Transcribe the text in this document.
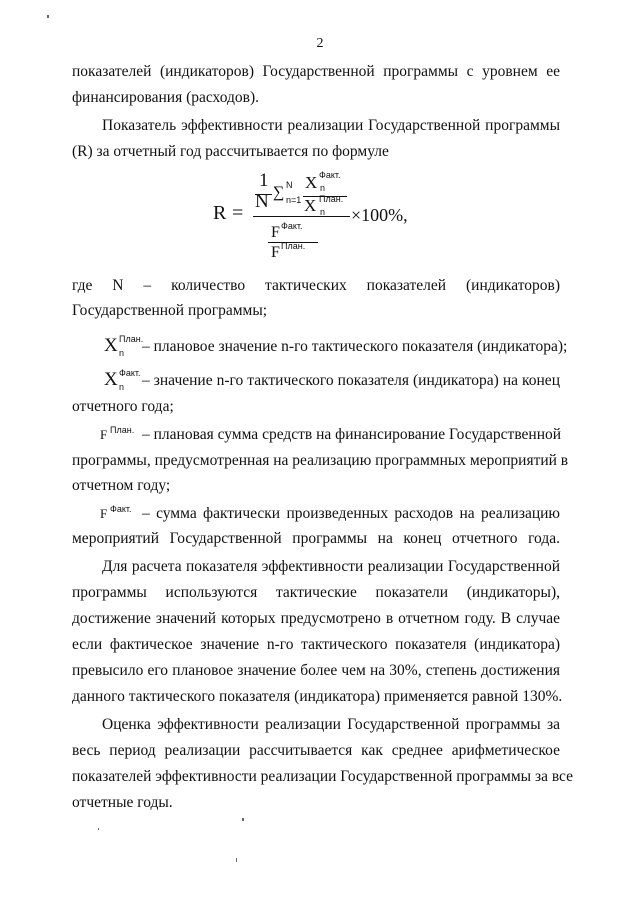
2
показателей (индикаторов) Государственной программы с уровнем ее
финансирования (расходов).
Показатель эффективности реализации Государственной программы
(R) за отчетный год рассчитывается по формуле
R =
1
N ∑ N
n=1
X Факт.
n
X План.
n
F Факт.
F План.
×100%,
где N – количество тактических показателей (индикаторов)
Государственной программы;
X План.
n – плановое значение n-го тактического показателя (индикатора);
X Факт.
n – значение n-го тактического показателя (индикатора) на конец
отчетного года;
F План. – плановая сумма средств на финансирование Государственной
программы, предусмотренная на реализацию программных мероприятий в
отчетном году;
F Факт. – сумма фактически произведенных расходов на реализацию
мероприятий Государственной программы на конец отчетного года.
Для расчета показателя эффективности реализации Государственной
программы используются тактические показатели (индикаторы),
достижение значений которых предусмотрено в отчетном году. В случае
если фактическое значение n-го тактического показателя (индикатора)
превысило его плановое значение более чем на 30%, степень достижения
данного тактического показателя (индикатора) применяется равной 130%.
Оценка эффективности реализации Государственной программы за
весь период реализации рассчитывается как среднее арифметическое
показателей эффективности реализации Государственной программы за все
отчетные годы.
